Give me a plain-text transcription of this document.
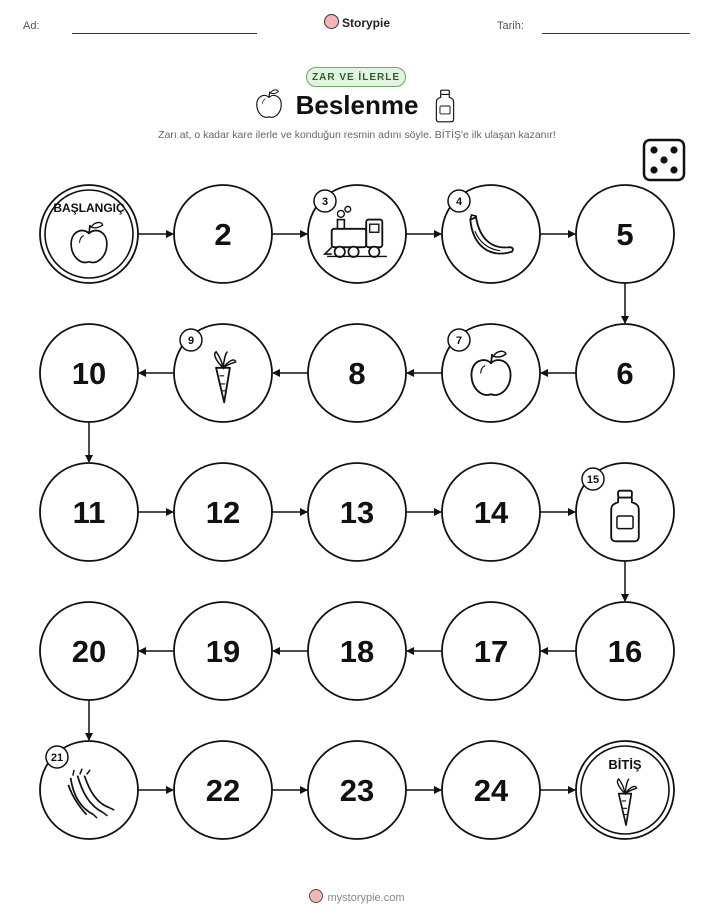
Ad:	Storypie	Tarih:
ZAR VE İLERLE
Beslenme
Zarı at, o kadar kare ilerle ve konduğun resmin adını söyle. BİTİŞ'e ilk ulaşan kazanır!
BAŞLANGIÇ
2
3	4
5
6
7
8
9
10
11	12	13	14
15
16
17
18
19
20
21
22	23	24
BİTİŞ
mystorypie.com
